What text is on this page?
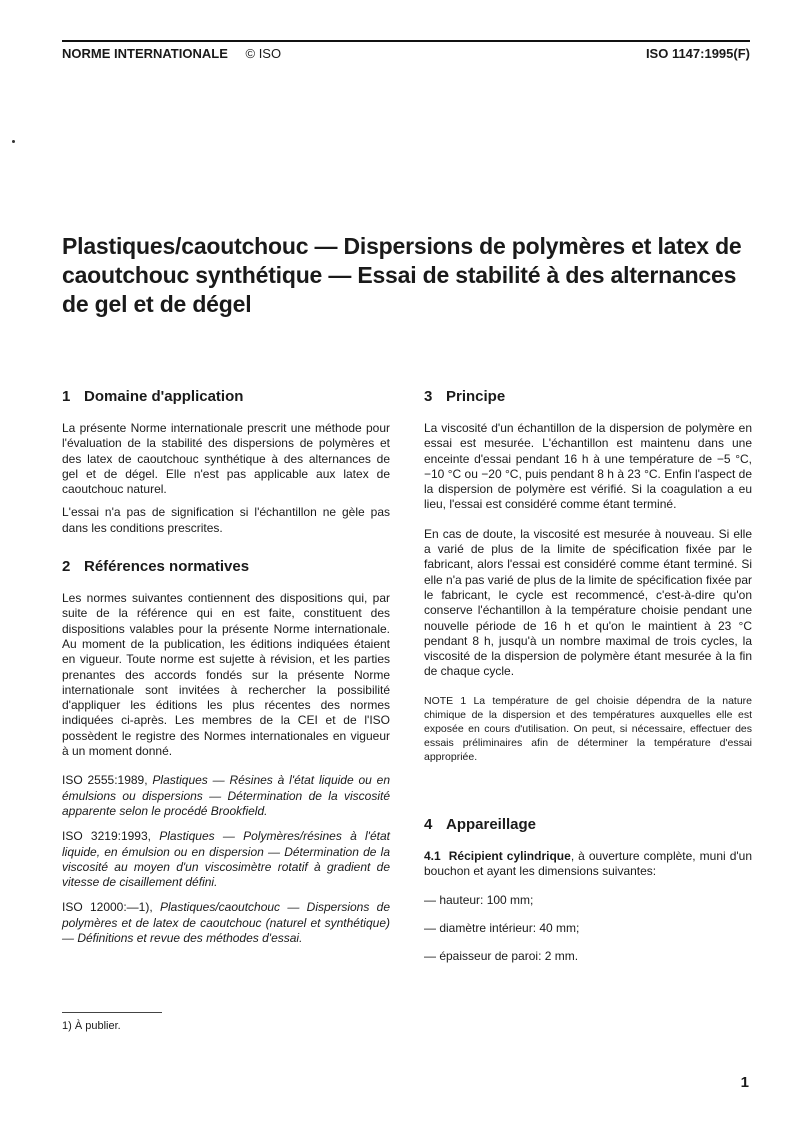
NORME INTERNATIONALE © ISO	ISO 1147:1995(F)
Plastiques/caoutchouc — Dispersions de polymères et latex de caoutchouc synthétique — Essai de stabilité à des alternances de gel et de dégel
1 Domaine d'application

La présente Norme internationale prescrit une méthode pour l'évaluation de la stabilité des dispersions de polymères et des latex de caoutchouc synthétique à des alternances de gel et de dégel. Elle n'est pas applicable aux latex de caoutchouc naturel.

L'essai n'a pas de signification si l'échantillon ne gèle pas dans les conditions prescrites.

2 Références normatives

Les normes suivantes contiennent des dispositions qui, par suite de la référence qui en est faite, constituent des dispositions valables pour la présente Norme internationale. Au moment de la publication, les éditions indiquées étaient en vigueur. Toute norme est sujette à révision, et les parties prenantes des accords fondés sur la présente Norme internationale sont invitées à rechercher la possibilité d'appliquer les éditions les plus récentes des normes indiquées ci-après. Les membres de la CEI et de l'ISO possèdent le registre des Normes internationales en vigueur à un moment donné.

ISO 2555:1989, Plastiques — Résines à l'état liquide ou en émulsions ou dispersions — Détermination de la viscosité apparente selon le procédé Brookfield.

ISO 3219:1993, Plastiques — Polymères/résines à l'état liquide, en émulsion ou en dispersion — Détermination de la viscosité au moyen d'un viscosimètre rotatif à gradient de vitesse de cisaillement défini.

ISO 12000:—1), Plastiques/caoutchouc — Dispersions de polymères et de latex de caoutchouc (naturel et synthétique) — Définitions et revue des méthodes d'essai.

3 Principe

La viscosité d'un échantillon de la dispersion de polymère en essai est mesurée. L'échantillon est maintenu dans une enceinte d'essai pendant 16 h à une température de −5 °C, −10 °C ou −20 °C, puis pendant 8 h à 23 °C. Enfin l'aspect de la dispersion de polymère est vérifié. Si la coagulation a eu lieu, l'essai est considéré comme étant terminé.

En cas de doute, la viscosité est mesurée à nouveau. Si elle a varié de plus de la limite de spécification fixée par le fabricant, alors l'essai est considéré comme étant terminé. Si elle n'a pas varié de plus de la limite de spécification fixée par le fabricant, le cycle est recommencé, c'est-à-dire qu'on conserve l'échantillon à la température choisie pendant une nouvelle période de 16 h et qu'on le maintient à 23 °C pendant 8 h, jusqu'à un nombre maximal de trois cycles, la viscosité de la dispersion de polymère étant mesurée à la fin de chaque cycle.

NOTE 1 La température de gel choisie dépendra de la nature chimique de la dispersion et des températures auxquelles elle est exposée en cours d'utilisation. On peut, si nécessaire, effectuer des essais préliminaires afin de déterminer la température d'essai appropriée.

4 Appareillage

4.1 Récipient cylindrique, à ouverture complète, muni d'un bouchon et ayant les dimensions suivantes:

— hauteur: 100 mm;
— diamètre intérieur: 40 mm;
— épaisseur de paroi: 2 mm.
1) À publier.
1
